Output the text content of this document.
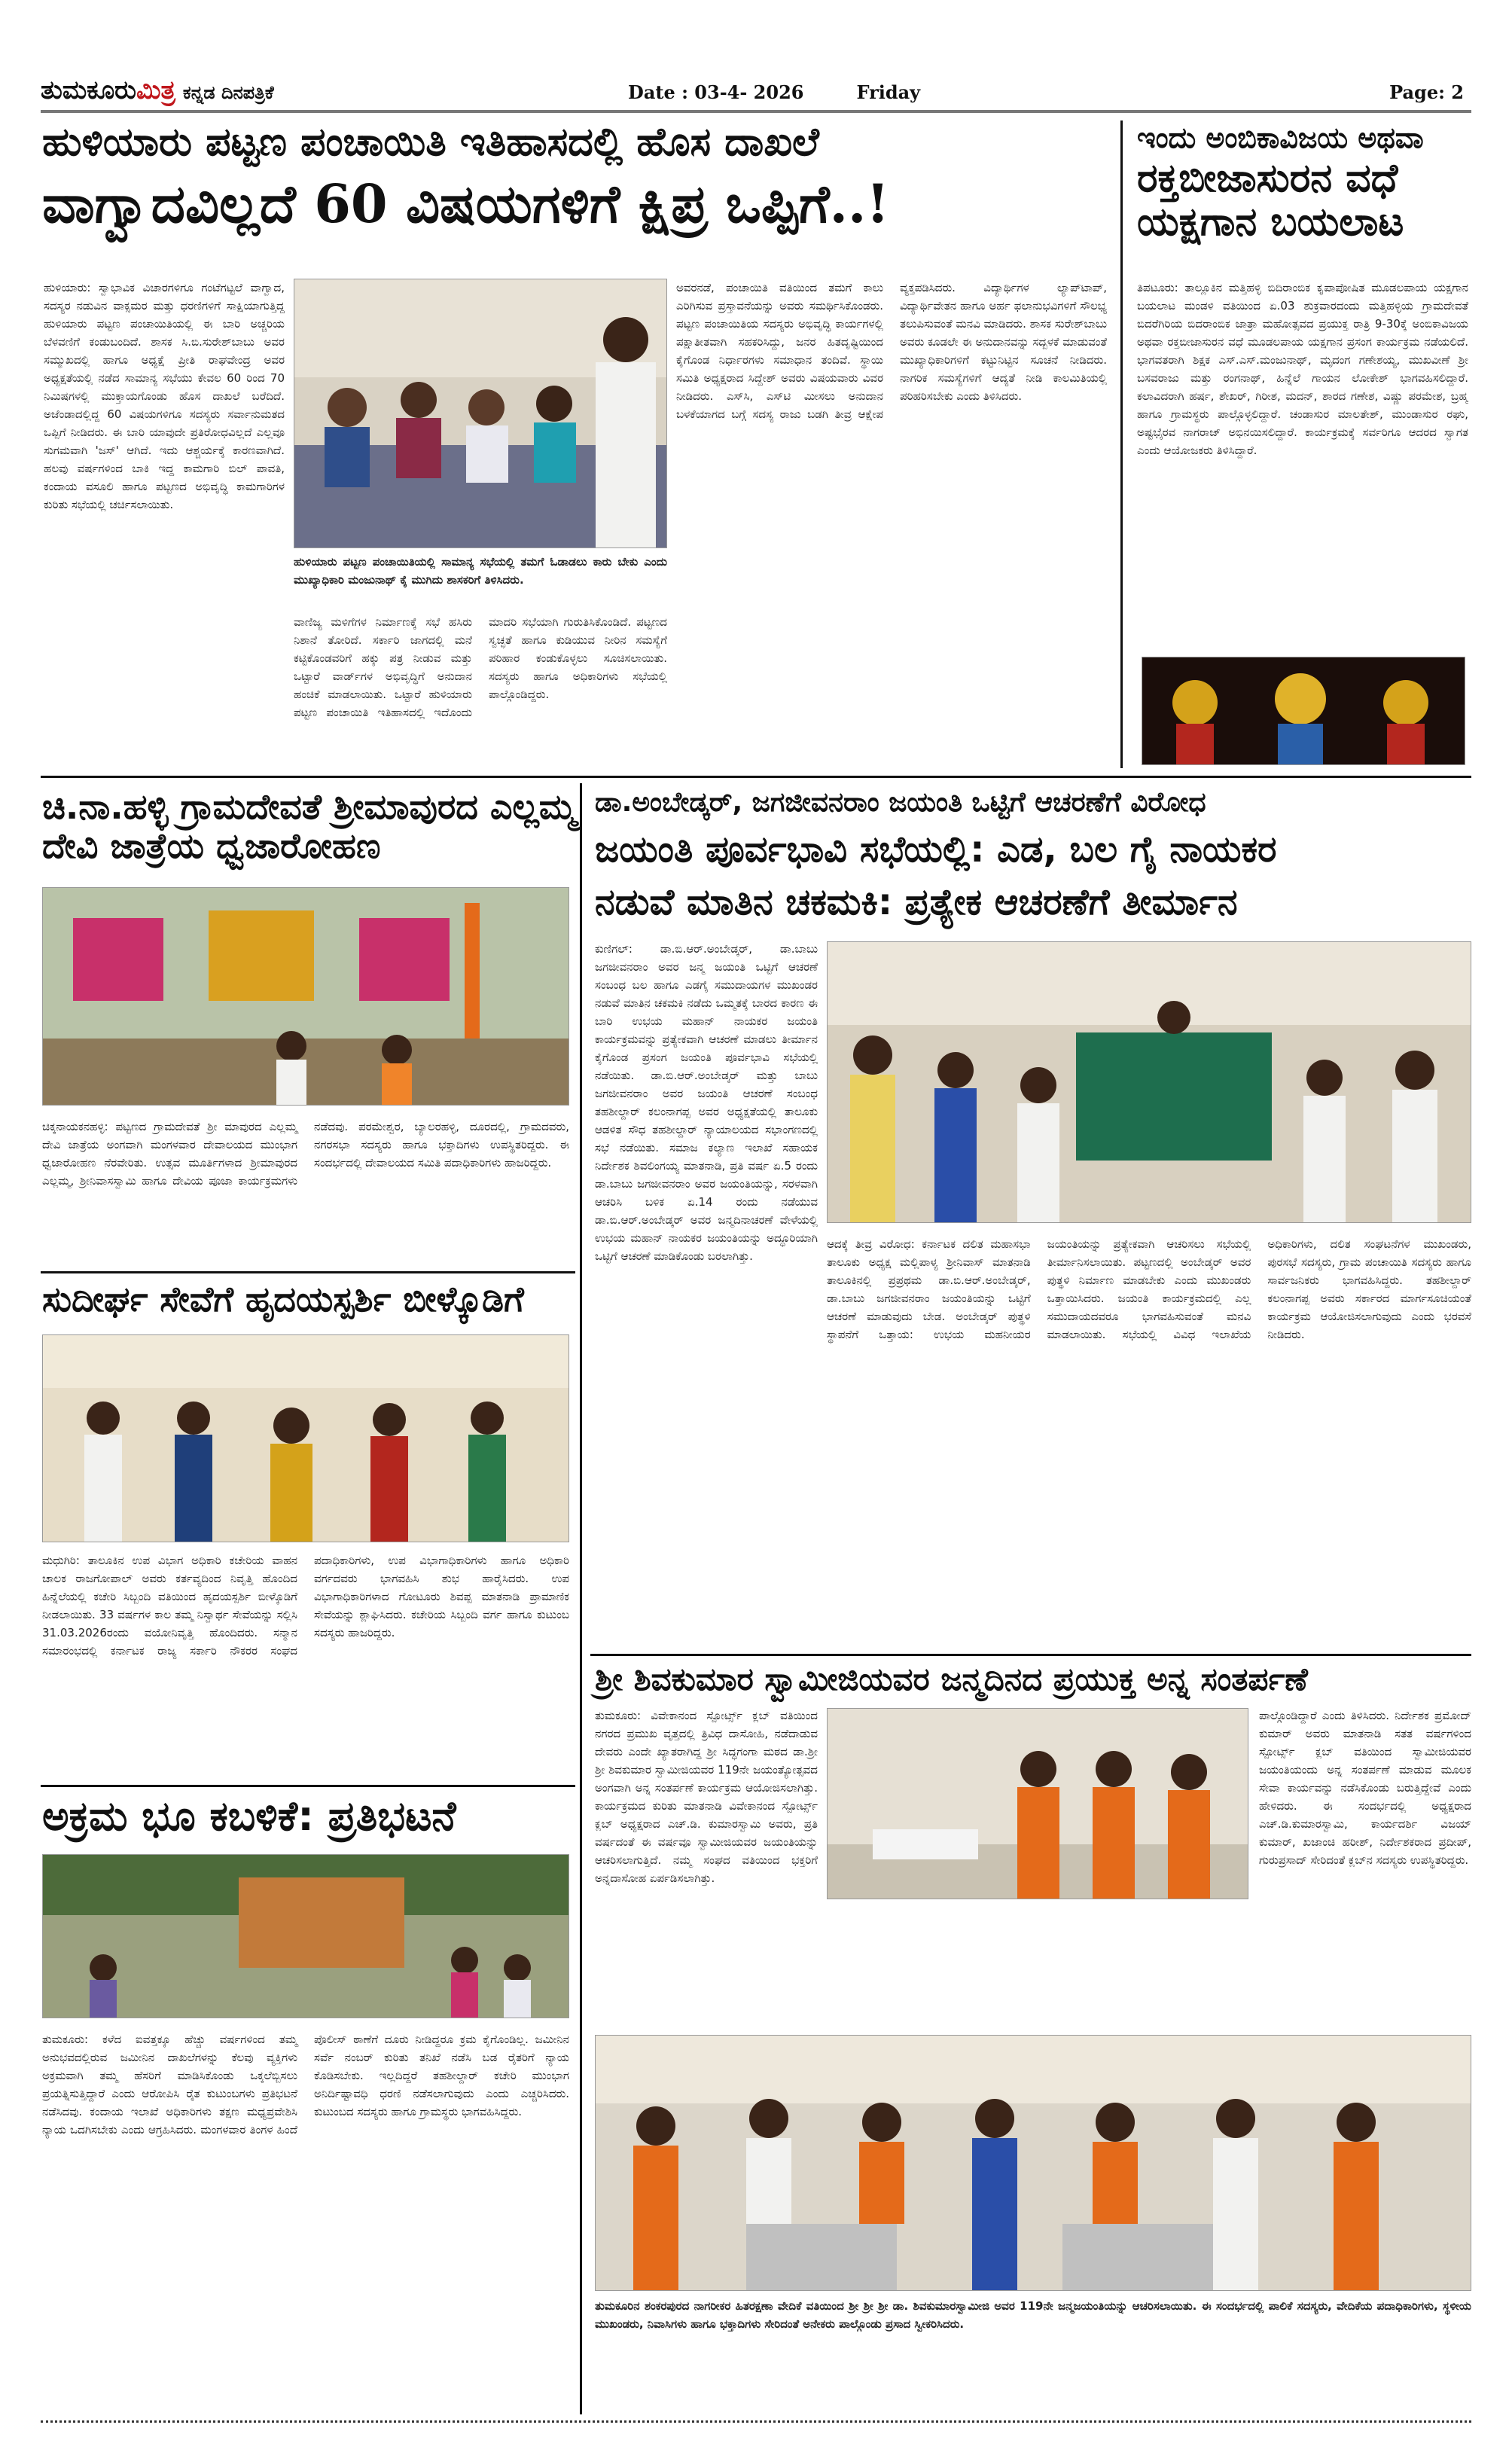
ತುಮಕೂರುಮಿತ್ರ ಕನ್ನಡ ದಿನಪತ್ರಿಕೆ	Date : 03-4- 2026	Friday	Page: 2
ಹುಳಿಯಾರು ಪಟ್ಟಣ ಪಂಚಾಯಿತಿ ಇತಿಹಾಸದಲ್ಲಿ ಹೊಸ ದಾಖಲೆ
ವಾಗ್ವಾದವಿಲ್ಲದೆ 60 ವಿಷಯಗಳಿಗೆ ಕ್ಷಿಪ್ರ ಒಪ್ಪಿಗೆ..!
ಹುಳಿಯಾರು: ಸ್ವಾಭಾವಿಕ ವಿಚಾರಗಳಿಗೂ ಗಂಟೆಗಟ್ಟಲೆ ವಾಗ್ವಾದ, ಸದಸ್ಯರ ನಡುವಿನ ವಾಕ್ಸಮರ ಮತ್ತು ಧರಣಿಗಳಿಗೆ ಸಾಕ್ಷಿಯಾಗುತ್ತಿದ್ದ ಹುಳಿಯಾರು ಪಟ್ಟಣ ಪಂಚಾಯಿತಿಯಲ್ಲಿ ಈ ಬಾರಿ ಅಚ್ಚರಿಯ ಬೆಳವಣಿಗೆ ಕಂಡುಬಂದಿದೆ. ಶಾಸಕ ಸಿ.ಬಿ.ಸುರೇಶ್‌ಬಾಬು ಅವರ ಸಮ್ಮುಖದಲ್ಲಿ ಹಾಗೂ ಅಧ್ಯಕ್ಷೆ ಪ್ರೀತಿ ರಾಘವೇಂದ್ರ ಅವರ ಅಧ್ಯಕ್ಷತೆಯಲ್ಲಿ ನಡೆದ ಸಾಮಾನ್ಯ ಸಭೆಯು ಕೇವಲ 60 ರಿಂದ 70 ನಿಮಿಷಗಳಲ್ಲಿ ಮುಕ್ತಾಯಗೊಂಡು ಹೊಸ ದಾಖಲೆ ಬರೆದಿದೆ. ಅಜೆಂಡಾದಲ್ಲಿದ್ದ 60 ವಿಷಯಗಳಿಗೂ ಸದಸ್ಯರು ಸರ್ವಾನುಮತದ ಒಪ್ಪಿಗೆ ನೀಡಿದರು. ಈ ಬಾರಿ ಯಾವುದೇ ಪ್ರತಿರೋಧವಿಲ್ಲದೆ ಎಲ್ಲವೂ ಸುಗಮವಾಗಿ 'ಜಸ್' ಆಗಿದೆ. ಇದು ಆಶ್ಚರ್ಯಕ್ಕೆ ಕಾರಣವಾಗಿದೆ. ಹಲವು ವರ್ಷಗಳಿಂದ ಬಾಕಿ ಇದ್ದ ಕಾಮಗಾರಿ ಬಿಲ್ ಪಾವತಿ, ಕಂದಾಯ ವಸೂಲಿ ಹಾಗೂ ಪಟ್ಟಣದ ಅಭಿವೃದ್ಧಿ ಕಾಮಗಾರಿಗಳ ಕುರಿತು ಸಭೆಯಲ್ಲಿ ಚರ್ಚಿಸಲಾಯಿತು.
ಹುಳಿಯಾರು ಪಟ್ಟಣ ಪಂಚಾಯಿತಿಯಲ್ಲಿ ಸಾಮಾನ್ಯ ಸಭೆಯಲ್ಲಿ ತಮಗೆ ಓಡಾಡಲು ಕಾರು ಬೇಕು ಎಂದು ಮುಖ್ಯಾಧಿಕಾರಿ ಮಂಜುನಾಥ್ ಕೈ ಮುಗಿದು ಶಾಸಕರಿಗೆ ತಿಳಿಸಿದರು.
ವಾಣಿಜ್ಯ ಮಳಿಗೆಗಳ ನಿರ್ಮಾಣಕ್ಕೆ ಸಭೆ ಹಸಿರು ನಿಶಾನೆ ತೋರಿದೆ. ಸರ್ಕಾರಿ ಜಾಗದಲ್ಲಿ ಮನೆ ಕಟ್ಟಿಕೊಂಡವರಿಗೆ ಹಕ್ಕು ಪತ್ರ ನೀಡುವ ಮತ್ತು ಒಟ್ಟಾರೆ ವಾರ್ಡ್‌ಗಳ ಅಭಿವೃದ್ಧಿಗೆ ಅನುದಾನ ಹಂಚಿಕೆ ಮಾಡಲಾಯಿತು. ಒಟ್ಟಾರೆ ಹುಳಿಯಾರು ಪಟ್ಟಣ ಪಂಚಾಯಿತಿ ಇತಿಹಾಸದಲ್ಲಿ ಇದೊಂದು ಮಾದರಿ ಸಭೆಯಾಗಿ ಗುರುತಿಸಿಕೊಂಡಿದೆ. ಪಟ್ಟಣದ ಸ್ವಚ್ಛತೆ ಹಾಗೂ ಕುಡಿಯುವ ನೀರಿನ ಸಮಸ್ಯೆಗೆ ಪರಿಹಾರ ಕಂಡುಕೊಳ್ಳಲು ಸೂಚಿಸಲಾಯಿತು. ಸದಸ್ಯರು ಹಾಗೂ ಅಧಿಕಾರಿಗಳು ಸಭೆಯಲ್ಲಿ ಪಾಲ್ಗೊಂಡಿದ್ದರು.
ಅವರನಡೆ, ಪಂಚಾಯಿತಿ ವತಿಯಿಂದ ತಮಗೆ ಕಾಲು ಎರಿಗಿಸುವ ಪ್ರಸ್ತಾವನೆಯನ್ನು ಅವರು ಸಮರ್ಥಿಸಿಕೊಂಡರು. ಪಟ್ಟಣ ಪಂಚಾಯಿತಿಯ ಸದಸ್ಯರು ಅಭಿವೃದ್ಧಿ ಕಾರ್ಯಗಳಲ್ಲಿ ಪಕ್ಷಾತೀತವಾಗಿ ಸಹಕರಿಸಿದ್ದು, ಜನರ ಹಿತದೃಷ್ಟಿಯಿಂದ ಕೈಗೊಂಡ ನಿರ್ಧಾರಗಳು ಸಮಾಧಾನ ತಂದಿವೆ. ಸ್ಥಾಯಿ ಸಮಿತಿ ಅಧ್ಯಕ್ಷರಾದ ಸಿದ್ದೇಶ್ ಅವರು ವಿಷಯವಾರು ವಿವರ ನೀಡಿದರು. ಎಸ್‌ಸಿ, ಎಸ್‌ಟಿ ಮೀಸಲು ಅನುದಾನ ಬಳಕೆಯಾಗದ ಬಗ್ಗೆ ಸದಸ್ಯ ರಾಜು ಬಡಗಿ ತೀವ್ರ ಆಕ್ಷೇಪ ವ್ಯಕ್ತಪಡಿಸಿದರು. ವಿದ್ಯಾರ್ಥಿಗಳ ಲ್ಯಾಪ್‌ಟಾಪ್, ವಿದ್ಯಾರ್ಥಿವೇತನ ಹಾಗೂ ಅರ್ಹ ಫಲಾನುಭವಿಗಳಿಗೆ ಸೌಲಭ್ಯ ತಲುಪಿಸುವಂತೆ ಮನವಿ ಮಾಡಿದರು. ಶಾಸಕ ಸುರೇಶ್‌ಬಾಬು ಅವರು ಕೂಡಲೇ ಈ ಅನುದಾನವನ್ನು ಸದ್ಬಳಕೆ ಮಾಡುವಂತೆ ಮುಖ್ಯಾಧಿಕಾರಿಗಳಿಗೆ ಕಟ್ಟುನಿಟ್ಟಿನ ಸೂಚನೆ ನೀಡಿದರು. ನಾಗರಿಕ ಸಮಸ್ಯೆಗಳಿಗೆ ಆದ್ಯತೆ ನೀಡಿ ಕಾಲಮಿತಿಯಲ್ಲಿ ಪರಿಹರಿಸಬೇಕು ಎಂದು ತಿಳಿಸಿದರು.
ಇಂದು ಅಂಬಿಕಾವಿಜಯ ಅಥವಾ
ರಕ್ತಬೀಜಾಸುರನ ವಧೆ ಯಕ್ಷಗಾನ ಬಯಲಾಟ
ತಿಪಟೂರು: ತಾಲ್ಲೂಕಿನ ಮತ್ತಿಹಳ್ಳಿ ಬಿದಿರಾಂಬಿಕ ಕೃಪಾಪೋಷಿತ ಮೂಡಲಪಾಯ ಯಕ್ಷಗಾನ ಬಯಲಾಟ ಮಂಡಳಿ ವತಿಯಿಂದ ಏ.03 ಶುಕ್ರವಾರದಂದು ಮತ್ತಿಹಳ್ಳಿಯ ಗ್ರಾಮದೇವತೆ ಬಿದರೆಗಿರಿಯ ಬಿದರಾಂಬಿಕ ಜಾತ್ರಾ ಮಹೋತ್ಸವದ ಪ್ರಯುಕ್ತ ರಾತ್ರಿ 9-30ಕ್ಕೆ ಅಂಬಿಕಾವಿಜಯ ಅಥವಾ ರಕ್ತಬೀಜಾಸುರನ ವಧೆ ಮೂಡಲಪಾಯ ಯಕ್ಷಗಾನ ಪ್ರಸಂಗ ಕಾರ್ಯಕ್ರಮ ನಡೆಯಲಿದೆ. ಭಾಗವತರಾಗಿ ಶಿಕ್ಷಕ ಎಸ್.ಎಸ್.ಮಂಜುನಾಥ್, ಮೃದಂಗ ಗಣೇಶಯ್ಯ, ಮುಖವೀಣೆ ಶ್ರೀ ಬಸವರಾಜು ಮತ್ತು ರಂಗನಾಥ್, ಹಿನ್ನೆಲೆ ಗಾಯನ ಲೋಕೇಶ್ ಭಾಗವಹಿಸಲಿದ್ದಾರೆ. ಕಲಾವಿದರಾಗಿ ಹರ್ಷ, ಶೇಖರ್, ಗಿರೀಶ, ಮದನ್, ಶಾರದ ಗಣೇಶ, ವಿಷ್ಣು ಪರಮೇಶ, ಬ್ರಹ್ಮ ಹಾಗೂ ಗ್ರಾಮಸ್ಥರು ಪಾಲ್ಗೊಳ್ಳಲಿದ್ದಾರೆ. ಚಂಡಾಸುರ ಮಾಲತೇಶ್, ಮುಂಡಾಸುರ ರಘು, ಅಷ್ಟಭೈರವ ನಾಗರಾಜ್ ಅಭಿನಯಿಸಲಿದ್ದಾರೆ. ಕಾರ್ಯಕ್ರಮಕ್ಕೆ ಸರ್ವರಿಗೂ ಆದರದ ಸ್ವಾಗತ ಎಂದು ಆಯೋಜಕರು ತಿಳಿಸಿದ್ದಾರೆ.
ಚಿ.ನಾ.ಹಳ್ಳಿ ಗ್ರಾಮದೇವತೆ ಶ್ರೀಮಾವುರದ ಎಲ್ಲಮ್ಮ ದೇವಿ ಜಾತ್ರೆಯ ಧ್ವಜಾರೋಹಣ
ಚಿಕ್ಕನಾಯಕನಹಳ್ಳಿ: ಪಟ್ಟಣದ ಗ್ರಾಮದೇವತೆ ಶ್ರೀ ಮಾವುರದ ಎಲ್ಲಮ್ಮ ದೇವಿ ಜಾತ್ರೆಯ ಅಂಗವಾಗಿ ಮಂಗಳವಾರ ದೇವಾಲಯದ ಮುಂಭಾಗ ಧ್ವಜಾರೋಹಣ ನೆರವೇರಿತು. ಉತ್ಸವ ಮೂರ್ತಿಗಳಾದ ಶ್ರೀಮಾವುರದ ಎಲ್ಲಮ್ಮ, ಶ್ರೀನಿವಾಸಸ್ವಾಮಿ ಹಾಗೂ ದೇವಿಯ ಪೂಜಾ ಕಾರ್ಯಕ್ರಮಗಳು ನಡೆದವು. ಪರಮೇಶ್ವರ, ಬ್ಯಾಲರಹಳ್ಳಿ, ದೂರದಲ್ಲಿ, ಗ್ರಾಮದವರು, ನಗರಸಭಾ ಸದಸ್ಯರು ಹಾಗೂ ಭಕ್ತಾದಿಗಳು ಉಪಸ್ಥಿತರಿದ್ದರು. ಈ ಸಂದರ್ಭದಲ್ಲಿ ದೇವಾಲಯದ ಸಮಿತಿ ಪದಾಧಿಕಾರಿಗಳು ಹಾಜರಿದ್ದರು.
ಸುದೀರ್ಘ ಸೇವೆಗೆ ಹೃದಯಸ್ಪರ್ಶಿ ಬೀಳ್ಕೊಡಿಗೆ
ಮಧುಗಿರಿ: ತಾಲೂಕಿನ ಉಪ ವಿಭಾಗ ಅಧಿಕಾರಿ ಕಚೇರಿಯ ವಾಹನ ಚಾಲಕ ರಾಜಗೋಪಾಲ್ ಅವರು ಕರ್ತವ್ಯದಿಂದ ನಿವೃತ್ತಿ ಹೊಂದಿದ ಹಿನ್ನೆಲೆಯಲ್ಲಿ ಕಚೇರಿ ಸಿಬ್ಬಂದಿ ವತಿಯಿಂದ ಹೃದಯಸ್ಪರ್ಶಿ ಬೀಳ್ಕೊಡಿಗೆ ನೀಡಲಾಯಿತು. 33 ವರ್ಷಗಳ ಕಾಲ ತಮ್ಮ ನಿಸ್ವಾರ್ಥ ಸೇವೆಯನ್ನು ಸಲ್ಲಿಸಿ 31.03.2026ರಂದು ವಯೋನಿವೃತ್ತಿ ಹೊಂದಿದರು. ಸನ್ಮಾನ ಸಮಾರಂಭದಲ್ಲಿ ಕರ್ನಾಟಕ ರಾಜ್ಯ ಸರ್ಕಾರಿ ನೌಕರರ ಸಂಘದ ಪದಾಧಿಕಾರಿಗಳು, ಉಪ ವಿಭಾಗಾಧಿಕಾರಿಗಳು ಹಾಗೂ ಅಧಿಕಾರಿ ವರ್ಗದವರು ಭಾಗವಹಿಸಿ ಶುಭ ಹಾರೈಸಿದರು. ಉಪ ವಿಭಾಗಾಧಿಕಾರಿಗಳಾದ ಗೋಟೂರು ಶಿವಪ್ಪ ಮಾತನಾಡಿ ಪ್ರಾಮಾಣಿಕ ಸೇವೆಯನ್ನು ಶ್ಲಾಘಿಸಿದರು. ಕಚೇರಿಯ ಸಿಬ್ಬಂದಿ ವರ್ಗ ಹಾಗೂ ಕುಟುಂಬ ಸದಸ್ಯರು ಹಾಜರಿದ್ದರು.
ಅಕ್ರಮ ಭೂ ಕಬಳಿಕೆ: ಪ್ರತಿಭಟನೆ
ತುಮಕೂರು: ಕಳೆದ ಐವತ್ತಕ್ಕೂ ಹೆಚ್ಚು ವರ್ಷಗಳಿಂದ ತಮ್ಮ ಅನುಭವದಲ್ಲಿರುವ ಜಮೀನಿನ ದಾಖಲೆಗಳನ್ನು ಕೆಲವು ವ್ಯಕ್ತಿಗಳು ಅಕ್ರಮವಾಗಿ ತಮ್ಮ ಹೆಸರಿಗೆ ಮಾಡಿಸಿಕೊಂಡು ಒಕ್ಕಲೆಬ್ಬಿಸಲು ಪ್ರಯತ್ನಿಸುತ್ತಿದ್ದಾರೆ ಎಂದು ಆರೋಪಿಸಿ ರೈತ ಕುಟುಂಬಗಳು ಪ್ರತಿಭಟನೆ ನಡೆಸಿದವು. ಕಂದಾಯ ಇಲಾಖೆ ಅಧಿಕಾರಿಗಳು ತಕ್ಷಣ ಮಧ್ಯಪ್ರವೇಶಿಸಿ ನ್ಯಾಯ ಒದಗಿಸಬೇಕು ಎಂದು ಆಗ್ರಹಿಸಿದರು. ಮಂಗಳವಾರ ತಿಂಗಳ ಹಿಂದೆ ಪೊಲೀಸ್ ಠಾಣೆಗೆ ದೂರು ನೀಡಿದ್ದರೂ ಕ್ರಮ ಕೈಗೊಂಡಿಲ್ಲ. ಜಮೀನಿನ ಸರ್ವೆ ನಂಬರ್ ಕುರಿತು ತನಿಖೆ ನಡೆಸಿ ಬಡ ರೈತರಿಗೆ ನ್ಯಾಯ ಕೊಡಿಸಬೇಕು. ಇಲ್ಲದಿದ್ದರೆ ತಹಶೀಲ್ದಾರ್ ಕಚೇರಿ ಮುಂಭಾಗ ಅನಿರ್ದಿಷ್ಟಾವಧಿ ಧರಣಿ ನಡೆಸಲಾಗುವುದು ಎಂದು ಎಚ್ಚರಿಸಿದರು. ಕುಟುಂಬದ ಸದಸ್ಯರು ಹಾಗೂ ಗ್ರಾಮಸ್ಥರು ಭಾಗವಹಿಸಿದ್ದರು.
ಡಾ.ಅಂಬೇಡ್ಕರ್, ಜಗಜೀವನರಾಂ ಜಯಂತಿ ಒಟ್ಟಿಗೆ ಆಚರಣೆಗೆ ವಿರೋಧ
ಜಯಂತಿ ಪೂರ್ವಭಾವಿ ಸಭೆಯಲ್ಲಿ: ಎಡ, ಬಲ ಗೈ ನಾಯಕರ
ನಡುವೆ ಮಾತಿನ ಚಕಮಕಿ: ಪ್ರತ್ಯೇಕ ಆಚರಣೆಗೆ ತೀರ್ಮಾನ
ಕುಣಿಗಲ್: ಡಾ.ಬಿ.ಆರ್.ಅಂಬೇಡ್ಕರ್, ಡಾ.ಬಾಬು ಜಗಜೀವನರಾಂ ಅವರ ಜನ್ಮ ಜಯಂತಿ ಒಟ್ಟಿಗೆ ಆಚರಣೆ ಸಂಬಂಧ ಬಲ ಹಾಗೂ ಎಡಗೈ ಸಮುದಾಯಗಳ ಮುಖಂಡರ ನಡುವೆ ಮಾತಿನ ಚಕಮಕಿ ನಡೆದು ಒಮ್ಮತಕ್ಕೆ ಬಾರದ ಕಾರಣ ಈ ಬಾರಿ ಉಭಯ ಮಹಾನ್ ನಾಯಕರ ಜಯಂತಿ ಕಾರ್ಯಕ್ರಮವನ್ನು ಪ್ರತ್ಯೇಕವಾಗಿ ಆಚರಣೆ ಮಾಡಲು ತೀರ್ಮಾನ ಕೈಗೊಂಡ ಪ್ರಸಂಗ ಜಯಂತಿ ಪೂರ್ವಭಾವಿ ಸಭೆಯಲ್ಲಿ ನಡೆಯಿತು. ಡಾ.ಬಿ.ಆರ್.ಅಂಬೇಡ್ಕರ್ ಮತ್ತು ಬಾಬು ಜಗಜೀವನರಾಂ ಅವರ ಜಯಂತಿ ಆಚರಣೆ ಸಂಬಂಧ ತಹಶೀಲ್ದಾರ್ ಕಲಂನಾಗಪ್ಪ ಅವರ ಅಧ್ಯಕ್ಷತೆಯಲ್ಲಿ ತಾಲೂಕು ಆಡಳಿತ ಸೌಧ ತಹಶೀಲ್ದಾರ್ ನ್ಯಾಯಾಲಯದ ಸಭಾಂಗಣದಲ್ಲಿ ಸಭೆ ನಡೆಯಿತು. ಸಮಾಜ ಕಲ್ಯಾಣ ಇಲಾಖೆ ಸಹಾಯಕ ನಿರ್ದೇಶಕ ಶಿವಲಿಂಗಯ್ಯ ಮಾತನಾಡಿ, ಪ್ರತಿ ವರ್ಷ ಏ.5 ರಂದು ಡಾ.ಬಾಬು ಜಗಜೀವನರಾಂ ಅವರ ಜಯಂತಿಯನ್ನು, ಸರಳವಾಗಿ ಆಚರಿಸಿ ಬಳಿಕ ಏ.14 ರಂದು ನಡೆಯುವ ಡಾ.ಬಿ.ಆರ್.ಅಂಬೇಡ್ಕರ್ ಅವರ ಜನ್ಮದಿನಾಚರಣೆ ವೇಳೆಯಲ್ಲಿ ಉಭಯ ಮಹಾನ್ ನಾಯಕರ ಜಯಂತಿಯನ್ನು ಅದ್ಧೂರಿಯಾಗಿ ಒಟ್ಟಿಗೆ ಆಚರಣೆ ಮಾಡಿಕೊಂಡು ಬರಲಾಗಿತ್ತು.
ಆದಕ್ಕೆ ತೀವ್ರ ವಿರೋಧ: ಕರ್ನಾಟಕ ದಲಿತ ಮಹಾಸಭಾ ತಾಲೂಕು ಅಧ್ಯಕ್ಷ ಮಲ್ಲಿಪಾಳ್ಯ ಶ್ರೀನಿವಾಸ್ ಮಾತನಾಡಿ ತಾಲೂಕಿನಲ್ಲಿ ಪ್ರಪ್ರಥಮ ಡಾ.ಬಿ.ಆರ್.ಅಂಬೇಡ್ಕರ್, ಡಾ.ಬಾಬು ಜಗಜೀವನರಾಂ ಜಯಂತಿಯನ್ನು ಒಟ್ಟಿಗೆ ಆಚರಣೆ ಮಾಡುವುದು ಬೇಡ. ಅಂಬೇಡ್ಕರ್ ಪುತ್ಥಳಿ ಸ್ಥಾಪನೆಗೆ ಒತ್ತಾಯ: ಉಭಯ ಮಹನೀಯರ ಜಯಂತಿಯನ್ನು ಪ್ರತ್ಯೇಕವಾಗಿ ಆಚರಿಸಲು ಸಭೆಯಲ್ಲಿ ತೀರ್ಮಾನಿಸಲಾಯಿತು. ಪಟ್ಟಣದಲ್ಲಿ ಅಂಬೇಡ್ಕರ್ ಅವರ ಪುತ್ಥಳಿ ನಿರ್ಮಾಣ ಮಾಡಬೇಕು ಎಂದು ಮುಖಂಡರು ಒತ್ತಾಯಿಸಿದರು. ಜಯಂತಿ ಕಾರ್ಯಕ್ರಮದಲ್ಲಿ ಎಲ್ಲ ಸಮುದಾಯದವರೂ ಭಾಗವಹಿಸುವಂತೆ ಮನವಿ ಮಾಡಲಾಯಿತು. ಸಭೆಯಲ್ಲಿ ವಿವಿಧ ಇಲಾಖೆಯ ಅಧಿಕಾರಿಗಳು, ದಲಿತ ಸಂಘಟನೆಗಳ ಮುಖಂಡರು, ಪುರಸಭೆ ಸದಸ್ಯರು, ಗ್ರಾಮ ಪಂಚಾಯಿತಿ ಸದಸ್ಯರು ಹಾಗೂ ಸಾರ್ವಜನಿಕರು ಭಾಗವಹಿಸಿದ್ದರು. ತಹಶೀಲ್ದಾರ್ ಕಲಂನಾಗಪ್ಪ ಅವರು ಸರ್ಕಾರದ ಮಾರ್ಗಸೂಚಿಯಂತೆ ಕಾರ್ಯಕ್ರಮ ಆಯೋಜಿಸಲಾಗುವುದು ಎಂದು ಭರವಸೆ ನೀಡಿದರು.
ಶ್ರೀ ಶಿವಕುಮಾರ ಸ್ವಾಮೀಜಿಯವರ ಜನ್ಮದಿನದ ಪ್ರಯುಕ್ತ ಅನ್ನ ಸಂತರ್ಪಣೆ
ತುಮಕೂರು: ವಿವೇಕಾನಂದ ಸ್ಪೋರ್ಟ್ಸ್ ಕ್ಲಬ್ ವತಿಯಿಂದ ನಗರದ ಪ್ರಮುಖ ವೃತ್ತದಲ್ಲಿ ತ್ರಿವಿಧ ದಾಸೋಹಿ, ನಡೆದಾಡುವ ದೇವರು ಎಂದೇ ಖ್ಯಾತರಾಗಿದ್ದ ಶ್ರೀ ಸಿದ್ಧಗಂಗಾ ಮಠದ ಡಾ.ಶ್ರೀ ಶ್ರೀ ಶಿವಕುಮಾರ ಸ್ವಾಮೀಜಿಯವರ 119ನೇ ಜಯಂತ್ಯೋತ್ಸವದ ಅಂಗವಾಗಿ ಅನ್ನ ಸಂತರ್ಪಣೆ ಕಾರ್ಯಕ್ರಮ ಆಯೋಜಿಸಲಾಗಿತ್ತು. ಕಾರ್ಯಕ್ರಮದ ಕುರಿತು ಮಾತನಾಡಿ ವಿವೇಕಾನಂದ ಸ್ಪೋರ್ಟ್ಸ್ ಕ್ಲಬ್ ಅಧ್ಯಕ್ಷರಾದ ಎಚ್.ಡಿ. ಕುಮಾರಸ್ವಾಮಿ ಅವರು, ಪ್ರತಿ ವರ್ಷದಂತೆ ಈ ವರ್ಷವೂ ಸ್ವಾಮೀಜಿಯವರ ಜಯಂತಿಯನ್ನು ಆಚರಿಸಲಾಗುತ್ತಿದೆ. ನಮ್ಮ ಸಂಘದ ವತಿಯಿಂದ ಭಕ್ತರಿಗೆ ಅನ್ನದಾಸೋಹ ಏರ್ಪಡಿಸಲಾಗಿತ್ತು.
ಪಾಲ್ಗೊಂಡಿದ್ದಾರೆ ಎಂದು ತಿಳಿಸಿದರು. ನಿರ್ದೇಶಕ ಪ್ರಮೋದ್ ಕುಮಾರ್ ಅವರು ಮಾತನಾಡಿ ಸತತ ವರ್ಷಗಳಿಂದ ಸ್ಪೋರ್ಟ್ಸ್ ಕ್ಲಬ್ ವತಿಯಿಂದ ಸ್ವಾಮೀಜಿಯವರ ಜಯಂತಿಯಂದು ಅನ್ನ ಸಂತರ್ಪಣೆ ಮಾಡುವ ಮೂಲಕ ಸೇವಾ ಕಾರ್ಯವನ್ನು ನಡೆಸಿಕೊಂಡು ಬರುತ್ತಿದ್ದೇವೆ ಎಂದು ಹೇಳಿದರು. ಈ ಸಂದರ್ಭದಲ್ಲಿ ಅಧ್ಯಕ್ಷರಾದ ಎಚ್.ಡಿ.ಕುಮಾರಸ್ವಾಮಿ, ಕಾರ್ಯದರ್ಶಿ ವಿಜಯ್ ಕುಮಾರ್, ಖಜಾಂಚಿ ಹರೀಶ್, ನಿರ್ದೇಶಕರಾದ ಪ್ರದೀಪ್, ಗುರುಪ್ರಸಾದ್ ಸೇರಿದಂತೆ ಕ್ಲಬ್‌ನ ಸದಸ್ಯರು ಉಪಸ್ಥಿತರಿದ್ದರು.
ತುಮಕೂರಿನ ಶಂಕರಪುರದ ನಾಗರೀಕರ ಹಿತರಕ್ಷಣಾ ವೇದಿಕೆ ವತಿಯಿಂದ ಶ್ರೀ ಶ್ರೀ ಶ್ರೀ ಡಾ. ಶಿವಕುಮಾರಸ್ವಾಮೀಜಿ ಅವರ 119ನೇ ಜನ್ಮಜಯಂತಿಯನ್ನು ಆಚರಿಸಲಾಯಿತು. ಈ ಸಂದರ್ಭದಲ್ಲಿ ಪಾಲಿಕೆ ಸದಸ್ಯರು, ವೇದಿಕೆಯ ಪದಾಧಿಕಾರಿಗಳು, ಸ್ಥಳೀಯ ಮುಖಂಡರು, ನಿವಾಸಿಗಳು ಹಾಗೂ ಭಕ್ತಾದಿಗಳು ಸೇರಿದಂತೆ ಅನೇಕರು ಪಾಲ್ಗೊಂಡು ಪ್ರಸಾದ ಸ್ವೀಕರಿಸಿದರು.
